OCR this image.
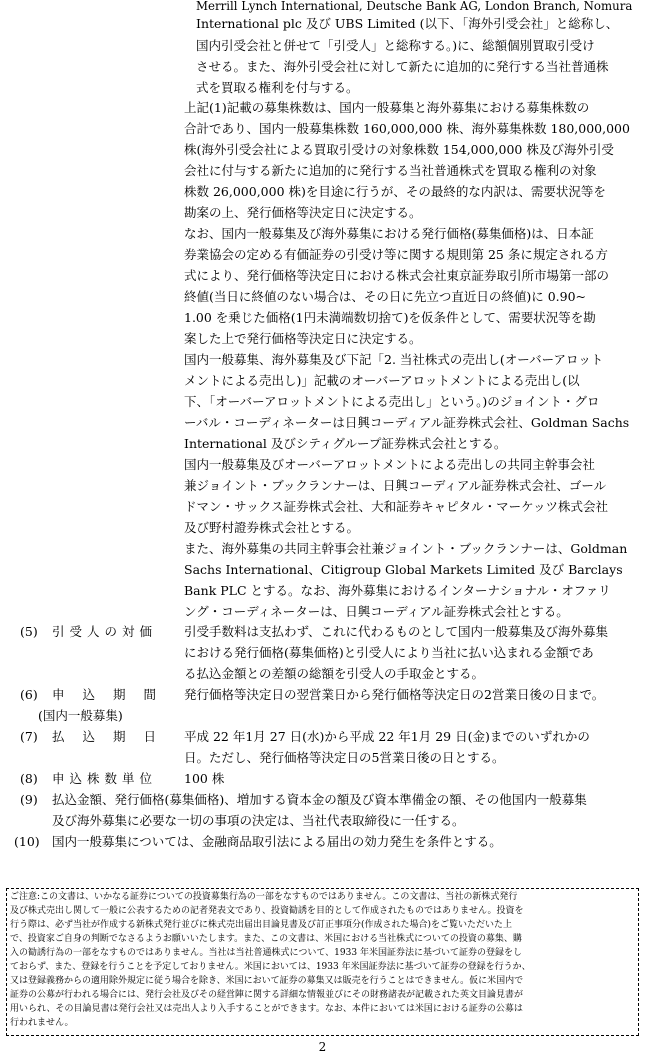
Merrill Lynch International, Deutsche Bank AG, London Branch, Nomura
International plc 及び UBS Limited (以下、「海外引受会社」と総称し、
国内引受会社と併せて「引受人」と総称する。)に、総額個別買取引受け
させる。また、海外引受会社に対して新たに追加的に発行する当社普通株
式を買取る権利を付与する。
上記(1)記載の募集株数は、国内一般募集と海外募集における募集株数の
合計であり、国内一般募集株数 160,000,000 株、海外募集株数 180,000,000
株(海外引受会社による買取引受けの対象株数 154,000,000 株及び海外引受
会社に付与する新たに追加的に発行する当社普通株式を買取る権利の対象
株数 26,000,000 株)を目途に行うが、その最終的な内訳は、需要状況等を
勘案の上、発行価格等決定日に決定する。
なお、国内一般募集及び海外募集における発行価格(募集価格)は、日本証
券業協会の定める有価証券の引受け等に関する規則第 25 条に規定される方
式により、発行価格等決定日における株式会社東京証券取引所市場第一部の
終値(当日に終値のない場合は、その日に先立つ直近日の終値)に 0.90~
1.00 を乗じた価格(1円未満端数切捨て)を仮条件として、需要状況等を勘
案した上で発行価格等決定日に決定する。
国内一般募集、海外募集及び下記「2. 当社株式の売出し(オーバーアロット
メントによる売出し)」記載のオーバーアロットメントによる売出し(以
下、「オーバーアロットメントによる売出し」という。)のジョイント・グロ
ーバル・コーディネーターは日興コーディアル証券株式会社、Goldman Sachs
International 及びシティグループ証券株式会社とする。
国内一般募集及びオーバーアロットメントによる売出しの共同主幹事会社
兼ジョイント・ブックランナーは、日興コーディアル証券株式会社、ゴール
ドマン・サックス証券株式会社、大和証券キャピタル・マーケッツ株式会社
及び野村證券株式会社とする。
また、海外募集の共同主幹事会社兼ジョイント・ブックランナーは、Goldman
Sachs International、Citigroup Global Markets Limited 及び Barclays
Bank PLC とする。なお、海外募集におけるインターナショナル・オファリ
ング・コーディネーターは、日興コーディアル証券株式会社とする。
(5) 引受人の対価 引受手数料は支払わず、これに代わるものとして国内一般募集及び海外募集
における発行価格(募集価格)と引受人により当社に払い込まれる金額であ
る払込金額との差額の総額を引受人の手取金とする。
(6) 申込期間
(国内一般募集)
発行価格等決定日の翌営業日から発行価格等決定日の2営業日後の日まで。
(7) 払込期日 平成 22 年1月 27 日(水)から平成 22 年1月 29 日(金)までのいずれかの
日。ただし、発行価格等決定日の5営業日後の日とする。
(8) 申込株数単位 100 株
(9) 払込金額、発行価格(募集価格)、増加する資本金の額及び資本準備金の額、その他国内一般募集
及び海外募集に必要な一切の事項の決定は、当社代表取締役に一任する。
(10) 国内一般募集については、金融商品取引法による届出の効力発生を条件とする。
ご注意:この文書は、いかなる証券についての投資募集行為の一部をなすものではありません。この文書は、当社の新株式発行
及び株式売出し関して一般に公表するための記者発表文であり、投資勧誘を目的として作成されたものではありません。投資を
行う際は、必ず当社が作成する新株式発行並びに株式売出届出目論見書及び訂正事項分(作成された場合)をご覧いただいた上
で、投資家ご自身の判断でなさるようお願いいたします。また、この文書は、米国における当社株式についての投資の募集、購
入の勧誘行為の一部をなすものではありません。当社は当社普通株式について、1933 年米国証券法に基づいて証券の登録をし
ておらず、また、登録を行うことを予定しておりません。米国においては、1933 年米国証券法に基づいて証券の登録を行うか、
又は登録義務からの適用除外規定に従う場合を除き、米国において証券の募集又は販売を行うことはできません。仮に米国内で
証券の公募が行われる場合には、発行会社及びその経営陣に関する詳細な情報並びにその財務諸表が記載された英文目論見書が
用いられ、その目論見書は発行会社又は売出人より入手することができます。なお、本件においては米国における証券の公募は
行われません。
2
